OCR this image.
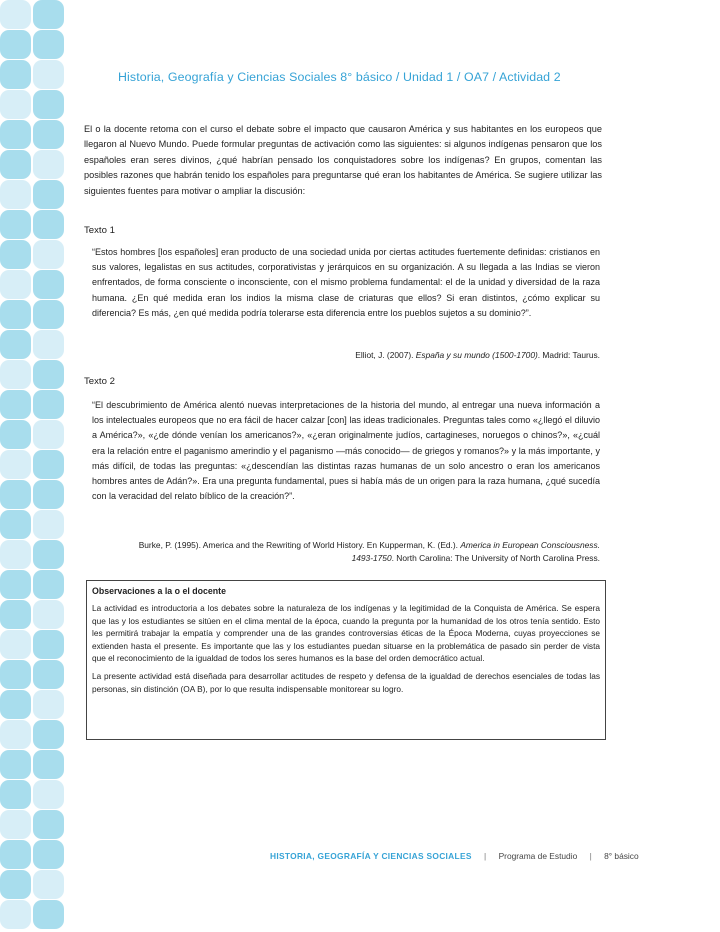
Historia, Geografía y Ciencias Sociales 8° básico / Unidad 1 / OA7 / Actividad 2
El o la docente retoma con el curso el debate sobre el impacto que causaron América y sus habitantes en los europeos que llegaron al Nuevo Mundo. Puede formular preguntas de activación como las siguientes: si algunos indígenas pensaron que los españoles eran seres divinos, ¿qué habrían pensado los conquistadores sobre los indígenas? En grupos, comentan las posibles razones que habrán tenido los españoles para preguntarse qué eran los habitantes de América. Se sugiere utilizar las siguientes fuentes para motivar o ampliar la discusión:
Texto 1
“Estos hombres [los españoles] eran producto de una sociedad unida por ciertas actitudes fuertemente definidas: cristianos en sus valores, legalistas en sus actitudes, corporativistas y jerárquicos en su organización. A su llegada a las Indias se vieron enfrentados, de forma consciente o inconsciente, con el mismo problema fundamental: el de la unidad y diversidad de la raza humana. ¿En qué medida eran los indios la misma clase de criaturas que ellos? Si eran distintos, ¿cómo explicar su diferencia? Es más, ¿en qué medida podría tolerarse esta diferencia entre los pueblos sujetos a su dominio?”.
Elliot, J. (2007). España y su mundo (1500-1700). Madrid: Taurus.
Texto 2
“El descubrimiento de América alentó nuevas interpretaciones de la historia del mundo, al entregar una nueva información a los intelectuales europeos que no era fácil de hacer calzar [con] las ideas tradicionales. Preguntas tales como «¿llegó el diluvio a América?», «¿de dónde venían los americanos?», «¿eran originalmente judíos, cartagineses, noruegos o chinos?», «¿cuál era la relación entre el paganismo amerindio y el paganismo —más conocido— de griegos y romanos?» y la más importante, y más difícil, de todas las preguntas: «¿descendían las distintas razas humanas de un solo ancestro o eran los americanos hombres antes de Adán?». Era una pregunta fundamental, pues si había más de un origen para la raza humana, ¿qué sucedía con la veracidad del relato bíblico de la creación?”.
Burke, P. (1995). America and the Rewriting of World History. En Kupperman, K. (Ed.). America in European Consciousness. 1493-1750. North Carolina: The University of North Carolina Press.
Observaciones a la o el docente

La actividad es introductoria a los debates sobre la naturaleza de los indígenas y la legitimidad de la Conquista de América. Se espera que las y los estudiantes se sitúen en el clima mental de la época, cuando la pregunta por la humanidad de los otros tenía sentido. Esto les permitirá trabajar la empatía y comprender una de las grandes controversias éticas de la Época Moderna, cuyas proyecciones se extienden hasta el presente. Es importante que las y los estudiantes puedan situarse en la problemática de pasado sin perder de vista que el reconocimiento de la igualdad de todos los seres humanos es la base del orden democrático actual.

La presente actividad está diseñada para desarrollar actitudes de respeto y defensa de la igualdad de derechos esenciales de todas las personas, sin distinción (OA B), por lo que resulta indispensable monitorear su logro.

HISTORIA, GEOGRAFÍA Y CIENCIAS SOCIALES | Programa de Estudio | 8° básico
